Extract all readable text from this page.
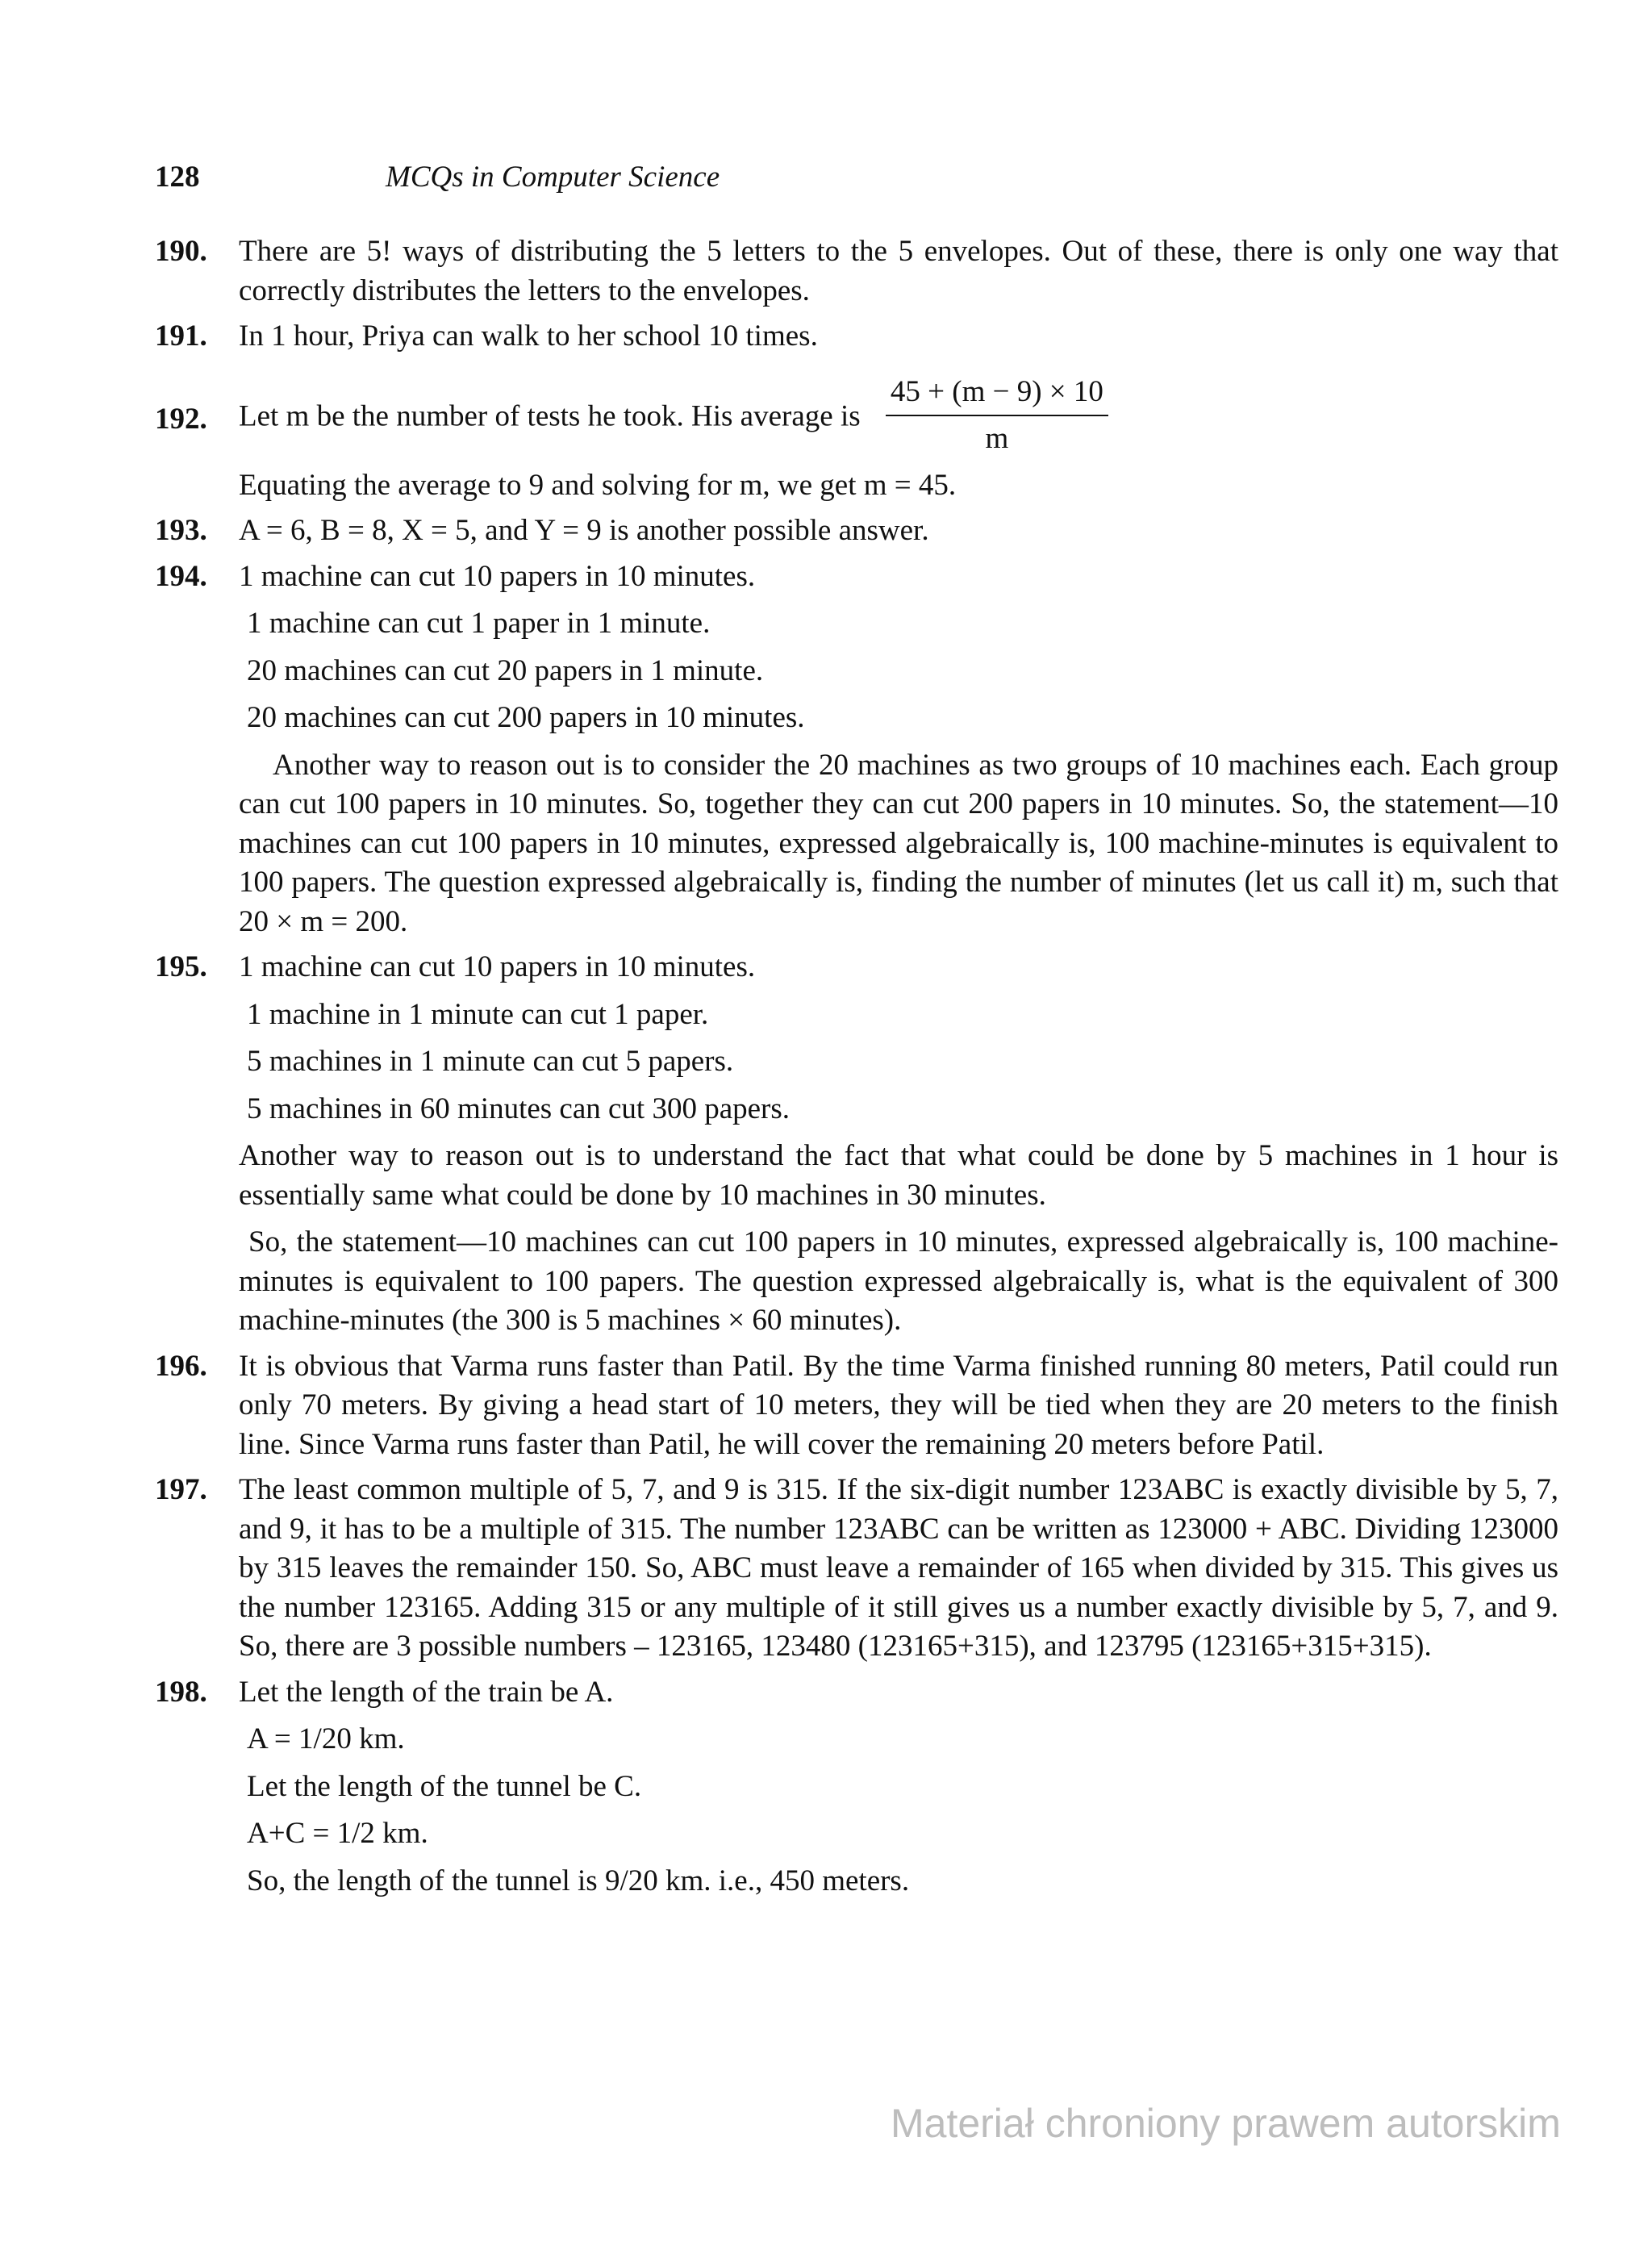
128	MCQs in Computer Science
190. There are 5! ways of distributing the 5 letters to the 5 envelopes. Out of these, there is only one way that correctly distributes the letters to the envelopes.
191. In 1 hour, Priya can walk to her school 10 times.
192. Let m be the number of tests he took. His average is $\frac{45 + (m - 9) \times 10}{m}$
Equating the average to 9 and solving for m, we get m = 45.
193. A = 6, B = 8, X = 5, and Y = 9 is another possible answer.
194. 1 machine can cut 10 papers in 10 minutes.
1 machine can cut 1 paper in 1 minute.
20 machines can cut 20 papers in 1 minute.
20 machines can cut 200 papers in 10 minutes.
Another way to reason out is to consider the 20 machines as two groups of 10 machines each. Each group can cut 100 papers in 10 minutes. So, together they can cut 200 papers in 10 minutes. So, the statement—10 machines can cut 100 papers in 10 minutes, expressed algebraically is, 100 machine-minutes is equivalent to 100 papers. The question expressed algebraically is, finding the number of minutes (let us call it) m, such that 20 × m = 200.
195. 1 machine can cut 10 papers in 10 minutes.
1 machine in 1 minute can cut 1 paper.
5 machines in 1 minute can cut 5 papers.
5 machines in 60 minutes can cut 300 papers.
Another way to reason out is to understand the fact that what could be done by 5 machines in 1 hour is essentially same what could be done by 10 machines in 30 minutes.
So, the statement—10 machines can cut 100 papers in 10 minutes, expressed algebraically is, 100 machine-minutes is equivalent to 100 papers. The question expressed algebraically is, what is the equivalent of 300 machine-minutes (the 300 is 5 machines × 60 minutes).
196. It is obvious that Varma runs faster than Patil. By the time Varma finished running 80 meters, Patil could run only 70 meters. By giving a head start of 10 meters, they will be tied when they are 20 meters to the finish line. Since Varma runs faster than Patil, he will cover the remaining 20 meters before Patil.
197. The least common multiple of 5, 7, and 9 is 315. If the six-digit number 123ABC is exactly divisible by 5, 7, and 9, it has to be a multiple of 315. The number 123ABC can be written as 123000 + ABC. Dividing 123000 by 315 leaves the remainder 150. So, ABC must leave a remainder of 165 when divided by 315. This gives us the number 123165. Adding 315 or any multiple of it still gives us a number exactly divisible by 5, 7, and 9. So, there are 3 possible numbers – 123165, 123480 (123165+315), and 123795 (123165+315+315).
198. Let the length of the train be A.
A = 1/20 km.
Let the length of the tunnel be C.
A+C = 1/2 km.
So, the length of the tunnel is 9/20 km. i.e., 450 meters.
Materiał chroniony prawem autorskim
